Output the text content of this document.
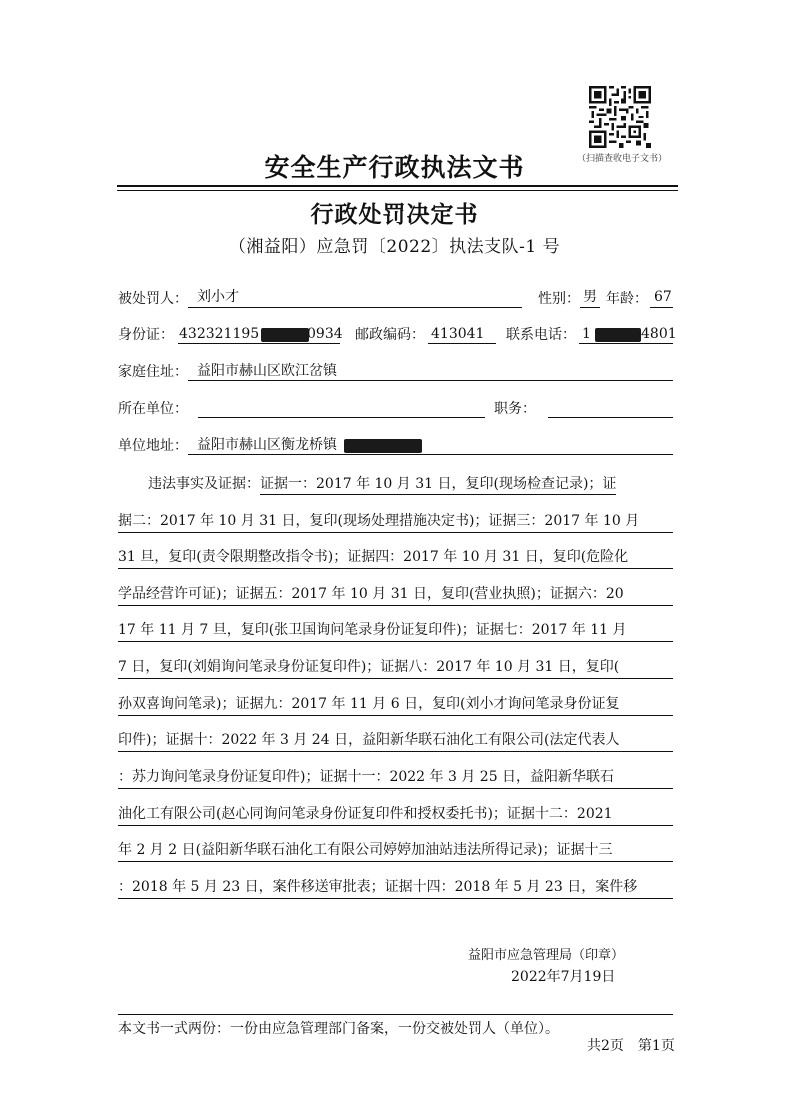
（扫描查收电子文书）
安全生产行政执法文书
行政处罚决定书
（湘益阳）应急罚〔2022〕执法支队-1 号
被处罚人： 刘小才	性别： 男 年龄： 67
身份证： 432321195	0934 邮政编码： 413041 联系电话： 1	4801
家庭住址： 益阳市赫山区欧江岔镇
所在单位：	职务：
单位地址： 益阳市赫山区衡龙桥镇
违法事实及证据：证据一：2017 年 10 月 31 日，复印(现场检查记录)；证
据二：2017 年 10 月 31 日，复印(现场处理措施决定书)；证据三：2017 年 10 月
31 旦，复印(责令限期整改指令书)；证据四：2017 年 10 月 31 日，复印(危险化
学品经营许可证)；证据五：2017 年 10 月 31 日，复印(营业执照)；证据六：20
17 年 11 月 7 旦，复印(张卫国询问笔录身份证复印件)；证据七：2017 年 11 月
7 日，复印(刘娟询问笔录身份证复印件)；证据八：2017 年 10 月 31 日，复印(
孙双喜询问笔录)；证据九：2017 年 11 月 6 日，复印(刘小才询问笔录身份证复
印件)；证据十：2022 年 3 月 24 日，益阳新华联石油化工有限公司(法定代表人
：苏力询问笔录身份证复印件)；证据十一：2022 年 3 月 25 日，益阳新华联石
油化工有限公司(赵心同询问笔录身份证复印件和授权委托书)；证据十二：2021
年 2 月 2 日(益阳新华联石油化工有限公司婷婷加油站违法所得记录)；证据十三
：2018 年 5 月 23 日，案件移送审批表；证据十四：2018 年 5 月 23 日，案件移
益阳市应急管理局（印章）
2022年7月19日
本文书一式两份：一份由应急管理部门备案，一份交被处罚人（单位）。
共2页　第1页
